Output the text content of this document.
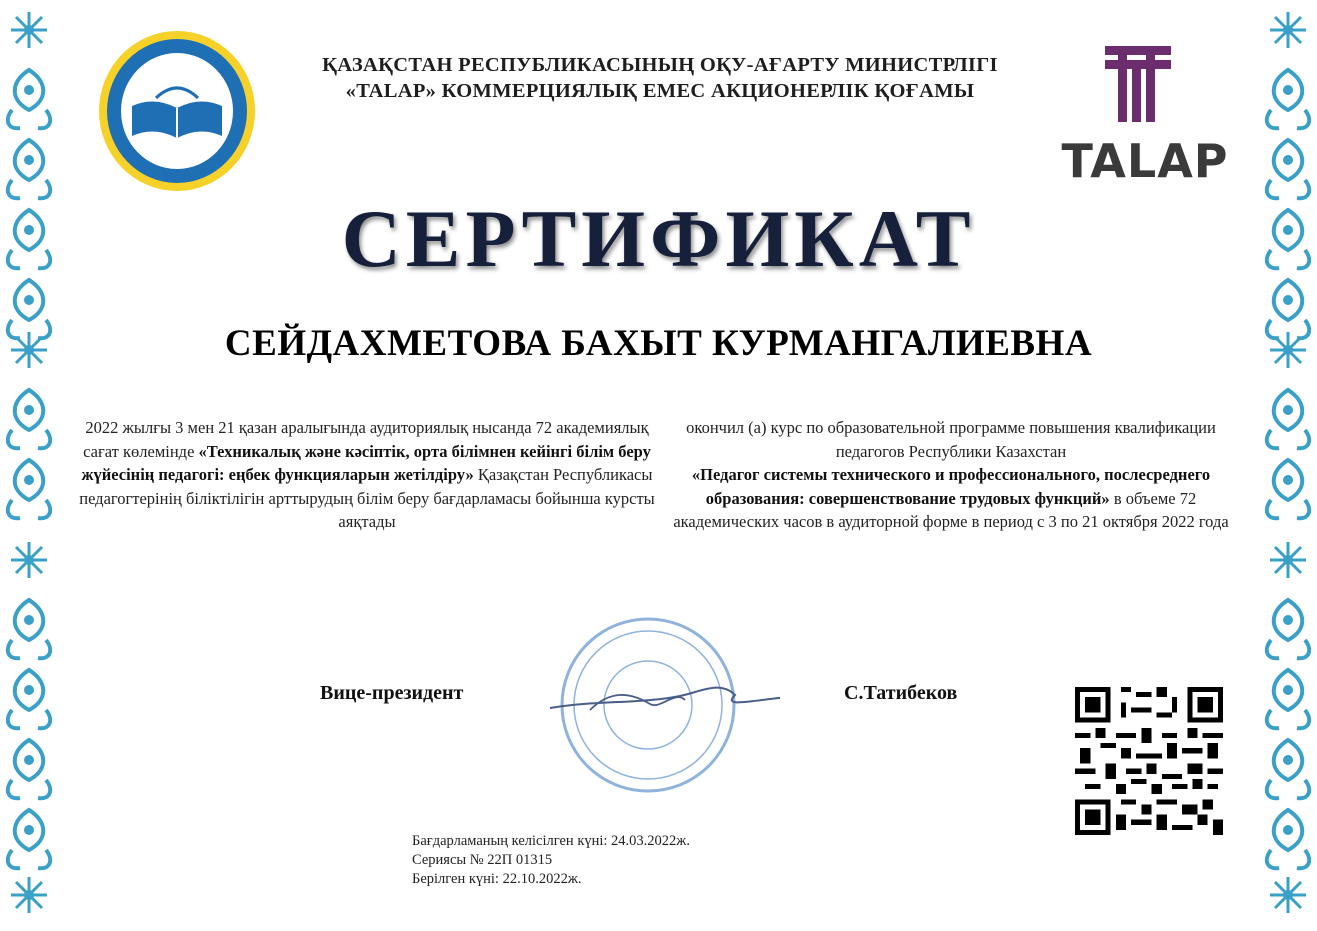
ҚАЗАҚСТАН РЕСПУБЛИКАСЫНЫҢ ОҚУ-АҒАРТУ МИНИСТРЛІГІ
«TALAP» КОММЕРЦИЯЛЫҚ ЕМЕС АКЦИОНЕРЛІК ҚОҒАМЫ
TALAP
СЕРТИФИКАТ
СЕЙДАХМЕТОВА БАХЫТ КУРМАНГАЛИЕВНА
2022 жылғы 3 мен 21 қазан аралығында аудиториялық нысанда 72 академиялық сағат көлемінде «Техникалық және кәсіптік, орта білімнен кейінгі білім беру жүйесінің педагогі: еңбек функцияларын жетілдіру» Қазақстан Республикасы педагогтерінің біліктілігін арттырудың білім беру бағдарламасы бойынша курсты аяқтады
окончил (а) курс по образовательной программе повышения квалификации педагогов Республики Казахстан
«Педагог системы технического и профессионального, послесреднего образования: совершенствование трудовых функций» в объеме 72 академических часов в аудиторной форме в период с 3 по 21 октября 2022 года
Вице-президент	С.Татибеков
Бағдарламаның келісілген күні: 24.03.2022ж.
Сериясы № 22П 01315
Берілген күні: 22.10.2022ж.
